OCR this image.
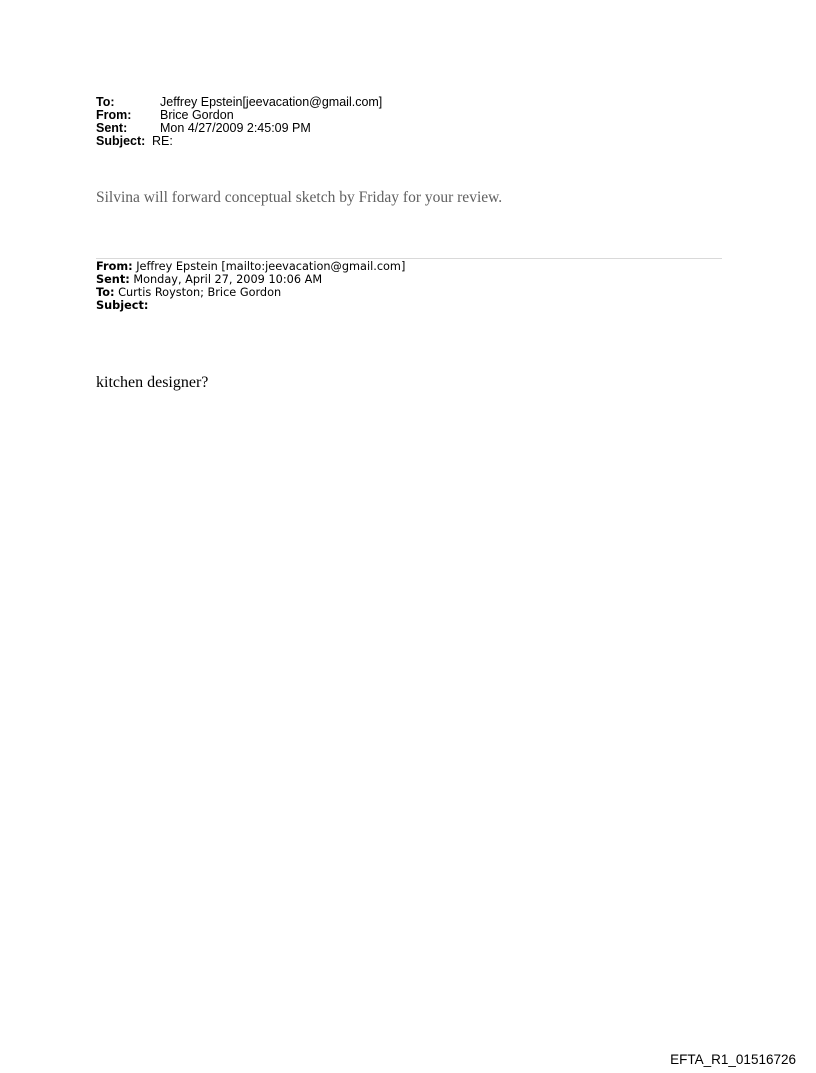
To:	Jeffrey Epstein[jeevacation@gmail.com]
From:	Brice Gordon
Sent:	Mon 4/27/2009 2:45:09 PM
Subject: RE:
Silvina will forward conceptual sketch by Friday for your review.
From: Jeffrey Epstein [mailto:jeevacation@gmail.com]
Sent: Monday, April 27, 2009 10:06 AM
To: Curtis Royston; Brice Gordon
Subject:
kitchen designer?
EFTA_R1_01516726
